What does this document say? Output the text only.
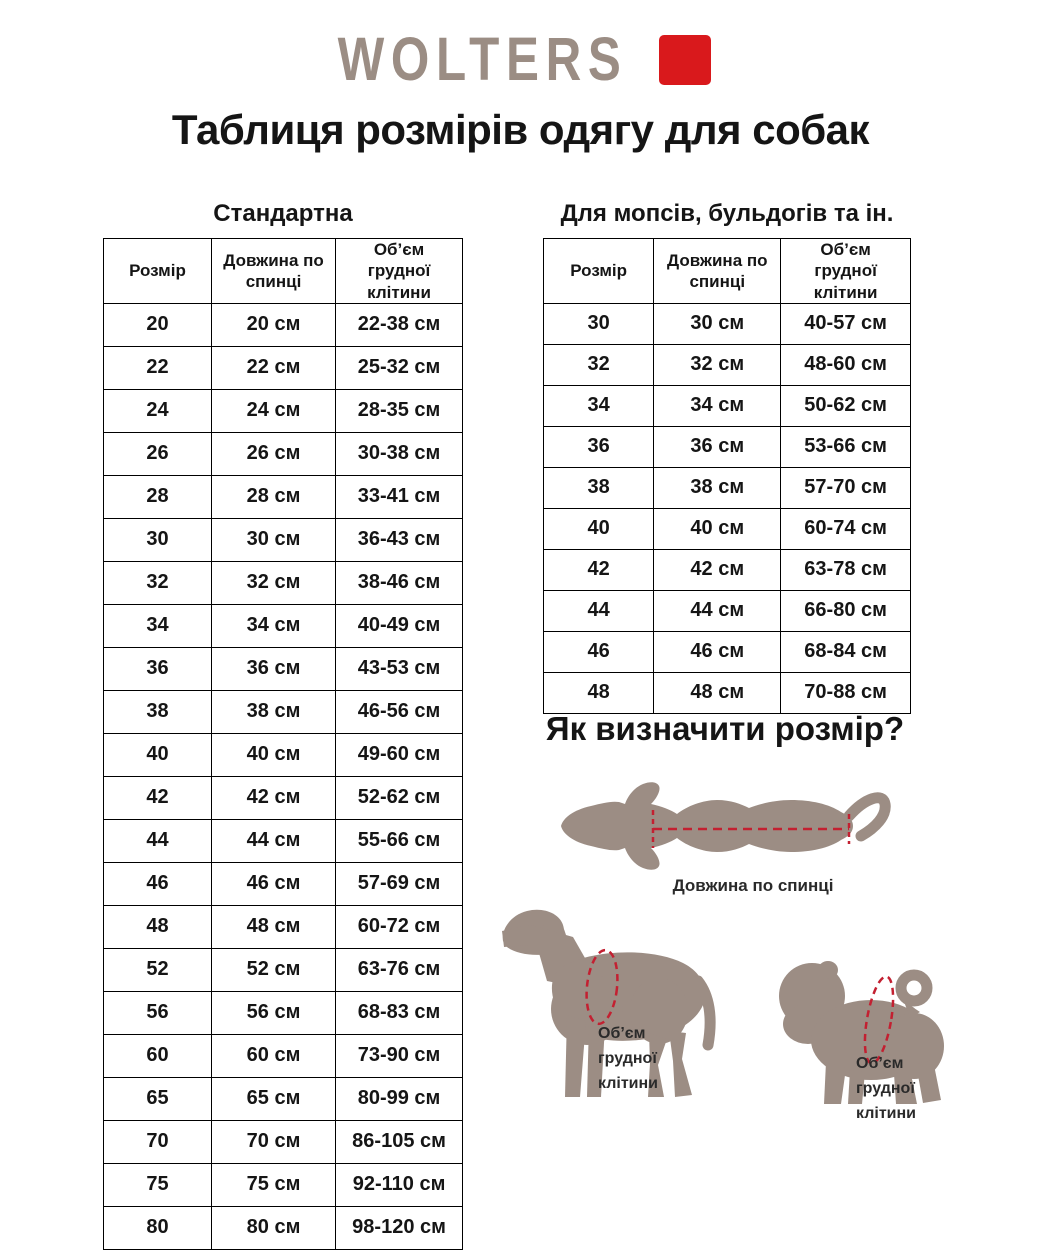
WOLTERS
Таблиця розмірів одягу для собак
Стандартна
Розмір	Довжина по спинці	Об’єм грудної клітини
20	20 см	22-38 см
22	22 см	25-32 см
24	24 см	28-35 см
26	26 см	30-38 см
28	28 см	33-41 см
30	30 см	36-43 см
32	32 см	38-46 см
34	34 см	40-49 см
36	36 см	43-53 см
38	38 см	46-56 см
40	40 см	49-60 см
42	42 см	52-62 см
44	44 см	55-66 см
46	46 см	57-69 см
48	48 см	60-72 см
52	52 см	63-76 см
56	56 см	68-83 см
60	60 см	73-90 см
65	65 см	80-99 см
70	70 см	86-105 см
75	75 см	92-110 см
80	80 см	98-120 см
Для мопсів, бульдогів та ін.
Розмір	Довжина по спинці	Об’єм грудної клітини
30	30 см	40-57 см
32	32 см	48-60 см
34	34 см	50-62 см
36	36 см	53-66 см
38	38 см	57-70 см
40	40 см	60-74 см
42	42 см	63-78 см
44	44 см	66-80 см
46	46 см	68-84 см
48	48 см	70-88 см
Як визначити розмір?
Довжина по спинці
Об’єм грудної клітини
Об’єм грудної клітини
